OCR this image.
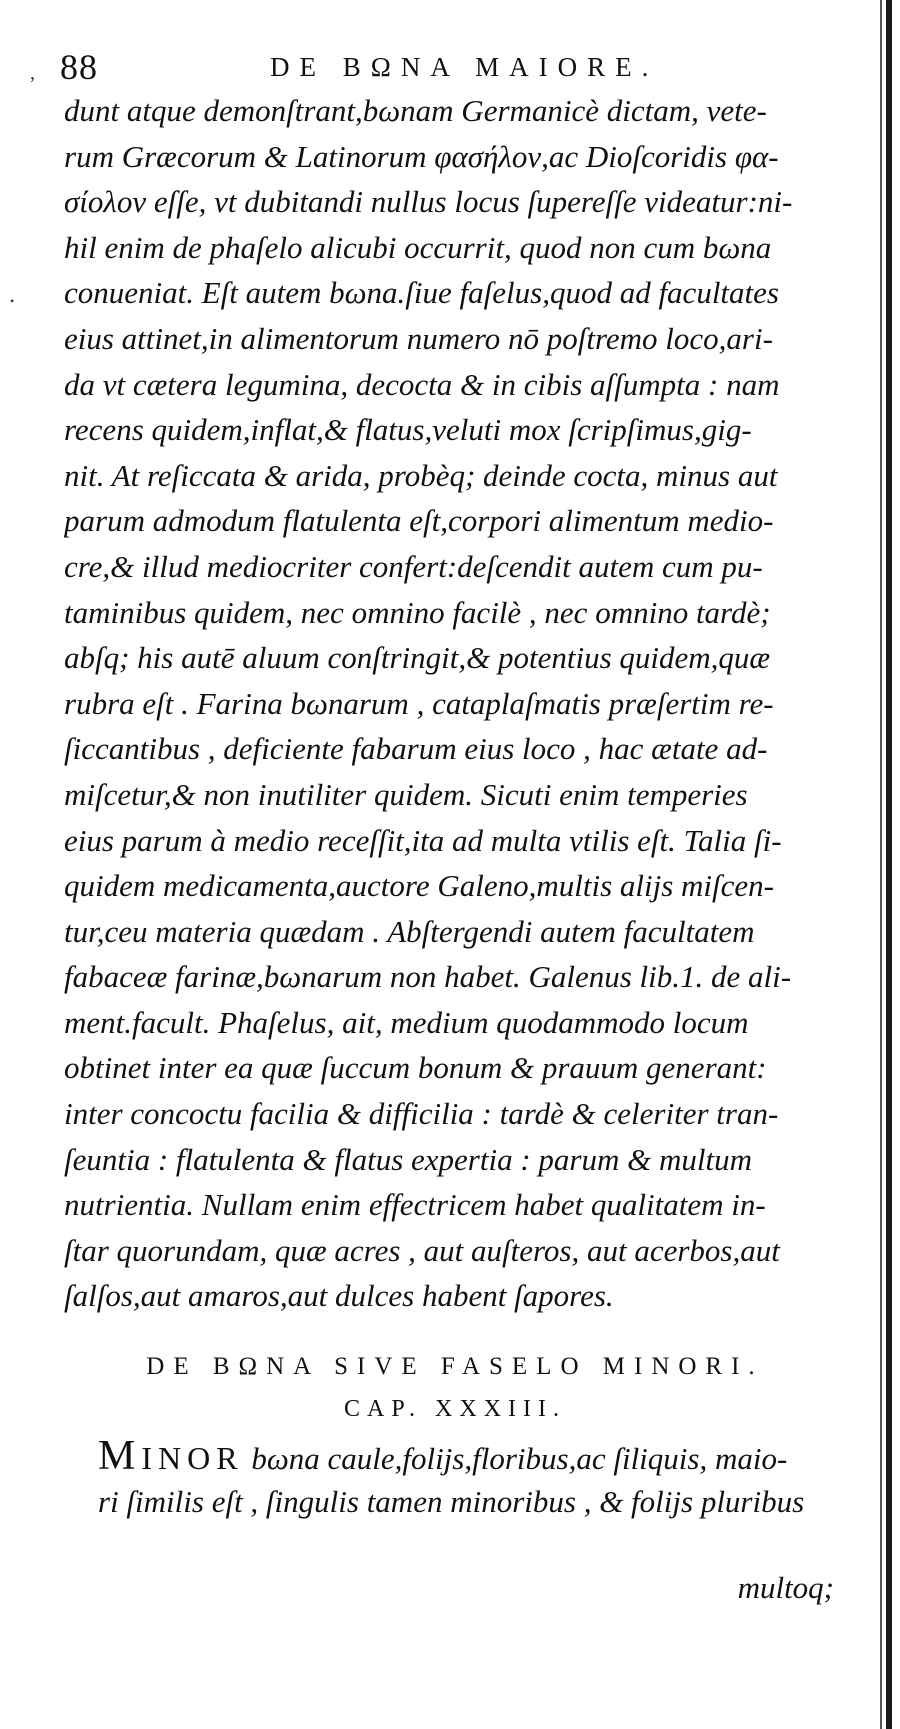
,
•
88	DE BΩNA MAIORE.
dunt atque demonſtrant,bωnam Germanicè dictam, vete-
rum Græcorum & Latinorum φασήλον,ac Dioſcoridis φα-
σίολον eſſe, vt dubitandi nullus locus ſupereſſe videatur:ni-
hil enim de phaſelo alicubi occurrit, quod non cum bωna
conueniat. Eſt autem bωna.ſiue faſelus,quod ad facultates
eius attinet,in alimentorum numero nō poſtremo loco,ari-
da vt cætera legumina, decocta & in cibis aſſumpta : nam
recens quidem,inflat,& flatus,veluti mox ſcripſimus,gig-
nit. At reſiccata & arida, probèq; deinde cocta, minus aut
parum admodum flatulenta eſt,corpori alimentum medio-
cre,& illud mediocriter confert:deſcendit autem cum pu-
taminibus quidem, nec omnino facilè , nec omnino tardè;
abſq; his autē aluum conſtringit,& potentius quidem,quæ
rubra eſt . Farina bωnarum , cataplaſmatis præſertim re-
ſiccantibus , deficiente fabarum eius loco , hac ætate ad-
miſcetur,& non inutiliter quidem. Sicuti enim temperies
eius parum à medio receſſit,ita ad multa vtilis eſt. Talia ſi-
quidem medicamenta,auctore Galeno,multis alijs miſcen-
tur,ceu materia quædam . Abſtergendi autem facultatem
fabaceæ farinæ,bωnarum non habet. Galenus lib.1. de ali-
ment.facult. Phaſelus, ait, medium quodammodo locum
obtinet inter ea quæ ſuccum bonum & prauum generant:
inter concoctu facilia & difficilia : tardè & celeriter tran-
ſeuntia : flatulenta & flatus expertia : parum & multum
nutrientia. Nullam enim effectricem habet qualitatem in-
ſtar quorundam, quæ acres , aut auſteros, aut acerbos,aut
ſalſos,aut amaros,aut dulces habent ſapores.
DE BΩNA SIVE FASELO MINORI.
CAP. XXXIII.
MINOR bωna caule,folijs,floribus,ac ſiliquis, maio-
ri ſimilis eſt , ſingulis tamen minoribus , & folijs pluribus
multoq;
